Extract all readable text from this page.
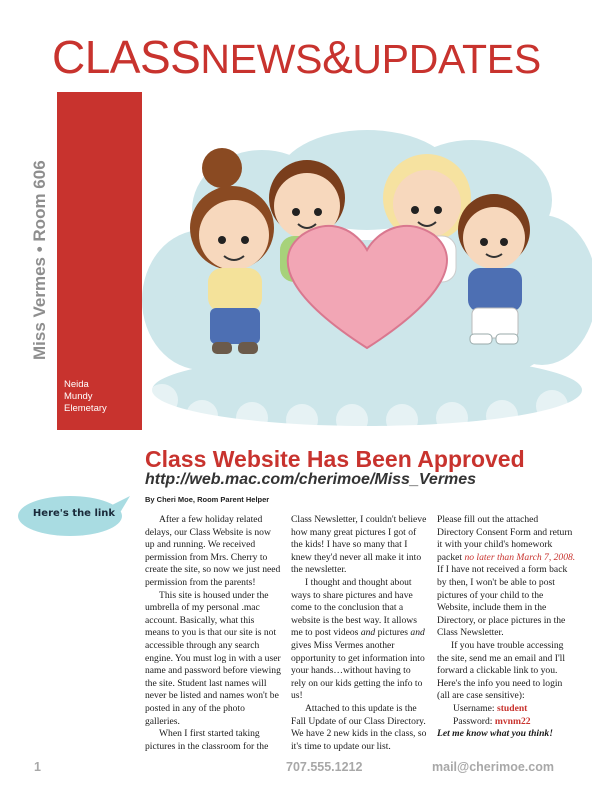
CLASSNEWS&UPDATES
Miss Vermes • Room 606
Neida
Mundy
Elemetary
Class Website Has Been Approved
http://web.mac.com/cherimoe/Miss_Vermes
By Cheri Moe, Room Parent Helper
Here's the link

After a few holiday related delays, our Class Website is now up and running. We received permission from Mrs. Cherry to create the site, so now we just need permission from the parents!

This site is housed under the umbrella of my personal .mac account. Basically, what this means to you is that our site is not accessible through any search engine. You must log in with a user name and password before viewing the site. Student last names will never be listed and names won't be posted in any of the photo galleries.

When I first started taking pictures in the classroom for the

Class Newsletter, I couldn't believe how many great pictures I got of the kids! I have so many that I knew they'd never all make it into the newsletter.

I thought and thought about ways to share pictures and have come to the conclusion that a website is the best way. It allows me to post videos and pictures and gives Miss Vermes another opportunity to get information into your hands…without having to rely on our kids getting the info to us!

Attached to this update is the Fall Update of our Class Directory. We have 2 new kids in the class, so it's time to update our list.

Please fill out the attached Directory Consent Form and return it with your child's homework packet no later than March 7, 2008. If I have not received a form back by then, I won't be able to post pictures of your child to the Website, include them in the Directory, or place pictures in the Class Newsletter.

If you have trouble accessing the site, send me an email and I'll forward a clickable link to you. Here's the info you need to login (all are case sensitive):

Username: student

Password: mvnm22

Let me know what you think!

1	707.555.1212	mail@cherimoe.com
